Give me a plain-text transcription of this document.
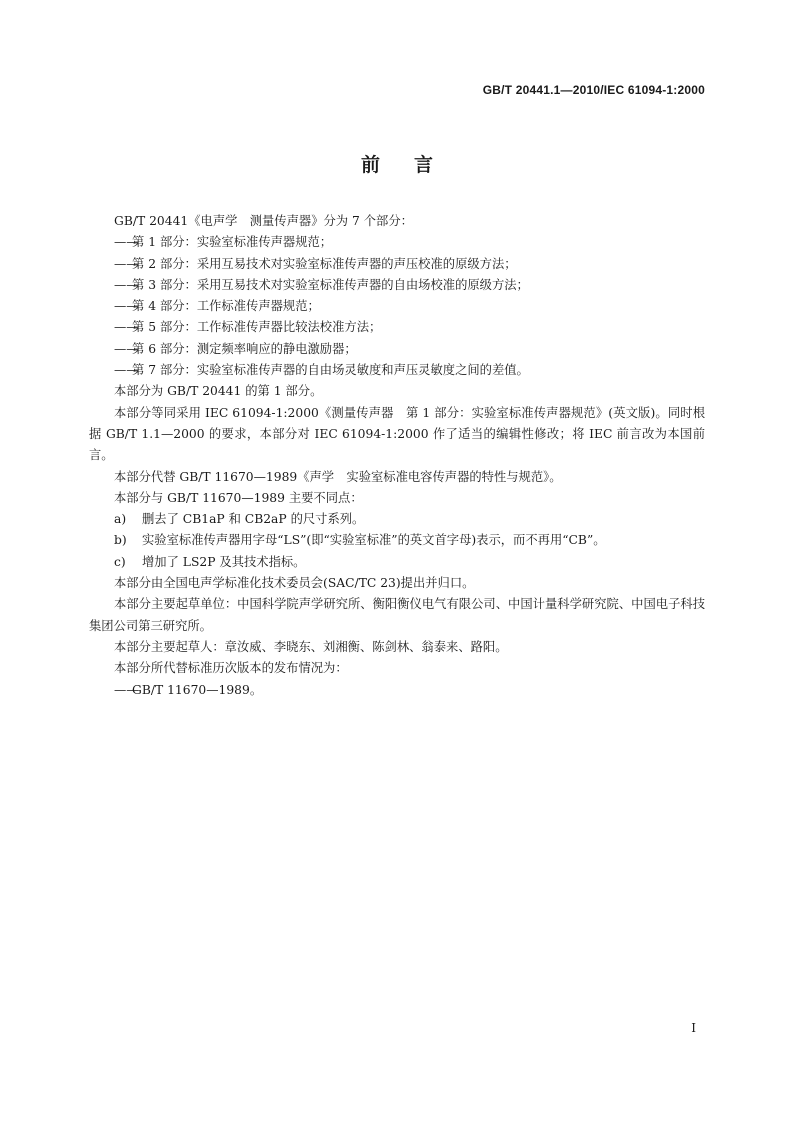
GB/T 20441.1—2010/IEC 61094-1:2000
前言

GB/T 20441《电声学　测量传声器》分为 7 个部分：

——第 1 部分：实验室标准传声器规范；

——第 2 部分：采用互易技术对实验室标准传声器的声压校准的原级方法；

——第 3 部分：采用互易技术对实验室标准传声器的自由场校准的原级方法；

——第 4 部分：工作标准传声器规范；

——第 5 部分：工作标准传声器比较法校准方法；

——第 6 部分：测定频率响应的静电激励器；

——第 7 部分：实验室标准传声器的自由场灵敏度和声压灵敏度之间的差值。

本部分为 GB/T 20441 的第 1 部分。

本部分等同采用 IEC 61094-1:2000《测量传声器　第 1 部分：实验室标准传声器规范》(英文版)。同时根据 GB/T 1.1—2000 的要求，本部分对 IEC 61094-1:2000 作了适当的编辑性修改；将 IEC 前言改为本国前言。

本部分代替 GB/T 11670—1989《声学　实验室标准电容传声器的特性与规范》。

本部分与 GB/T 11670—1989 主要不同点：

a) 删去了 CB1aP 和 CB2aP 的尺寸系列。

b) 实验室标准传声器用字母“LS”(即“实验室标准”的英文首字母)表示，而不再用“CB”。

c) 增加了 LS2P 及其技术指标。

本部分由全国电声学标准化技术委员会(SAC/TC 23)提出并归口。

本部分主要起草单位：中国科学院声学研究所、衡阳衡仪电气有限公司、中国计量科学研究院、中国电子科技集团公司第三研究所。

本部分主要起草人：章汝威、李晓东、刘湘衡、陈剑林、翁泰来、路阳。

本部分所代替标准历次版本的发布情况为：

——GB/T 11670—1989。

I
